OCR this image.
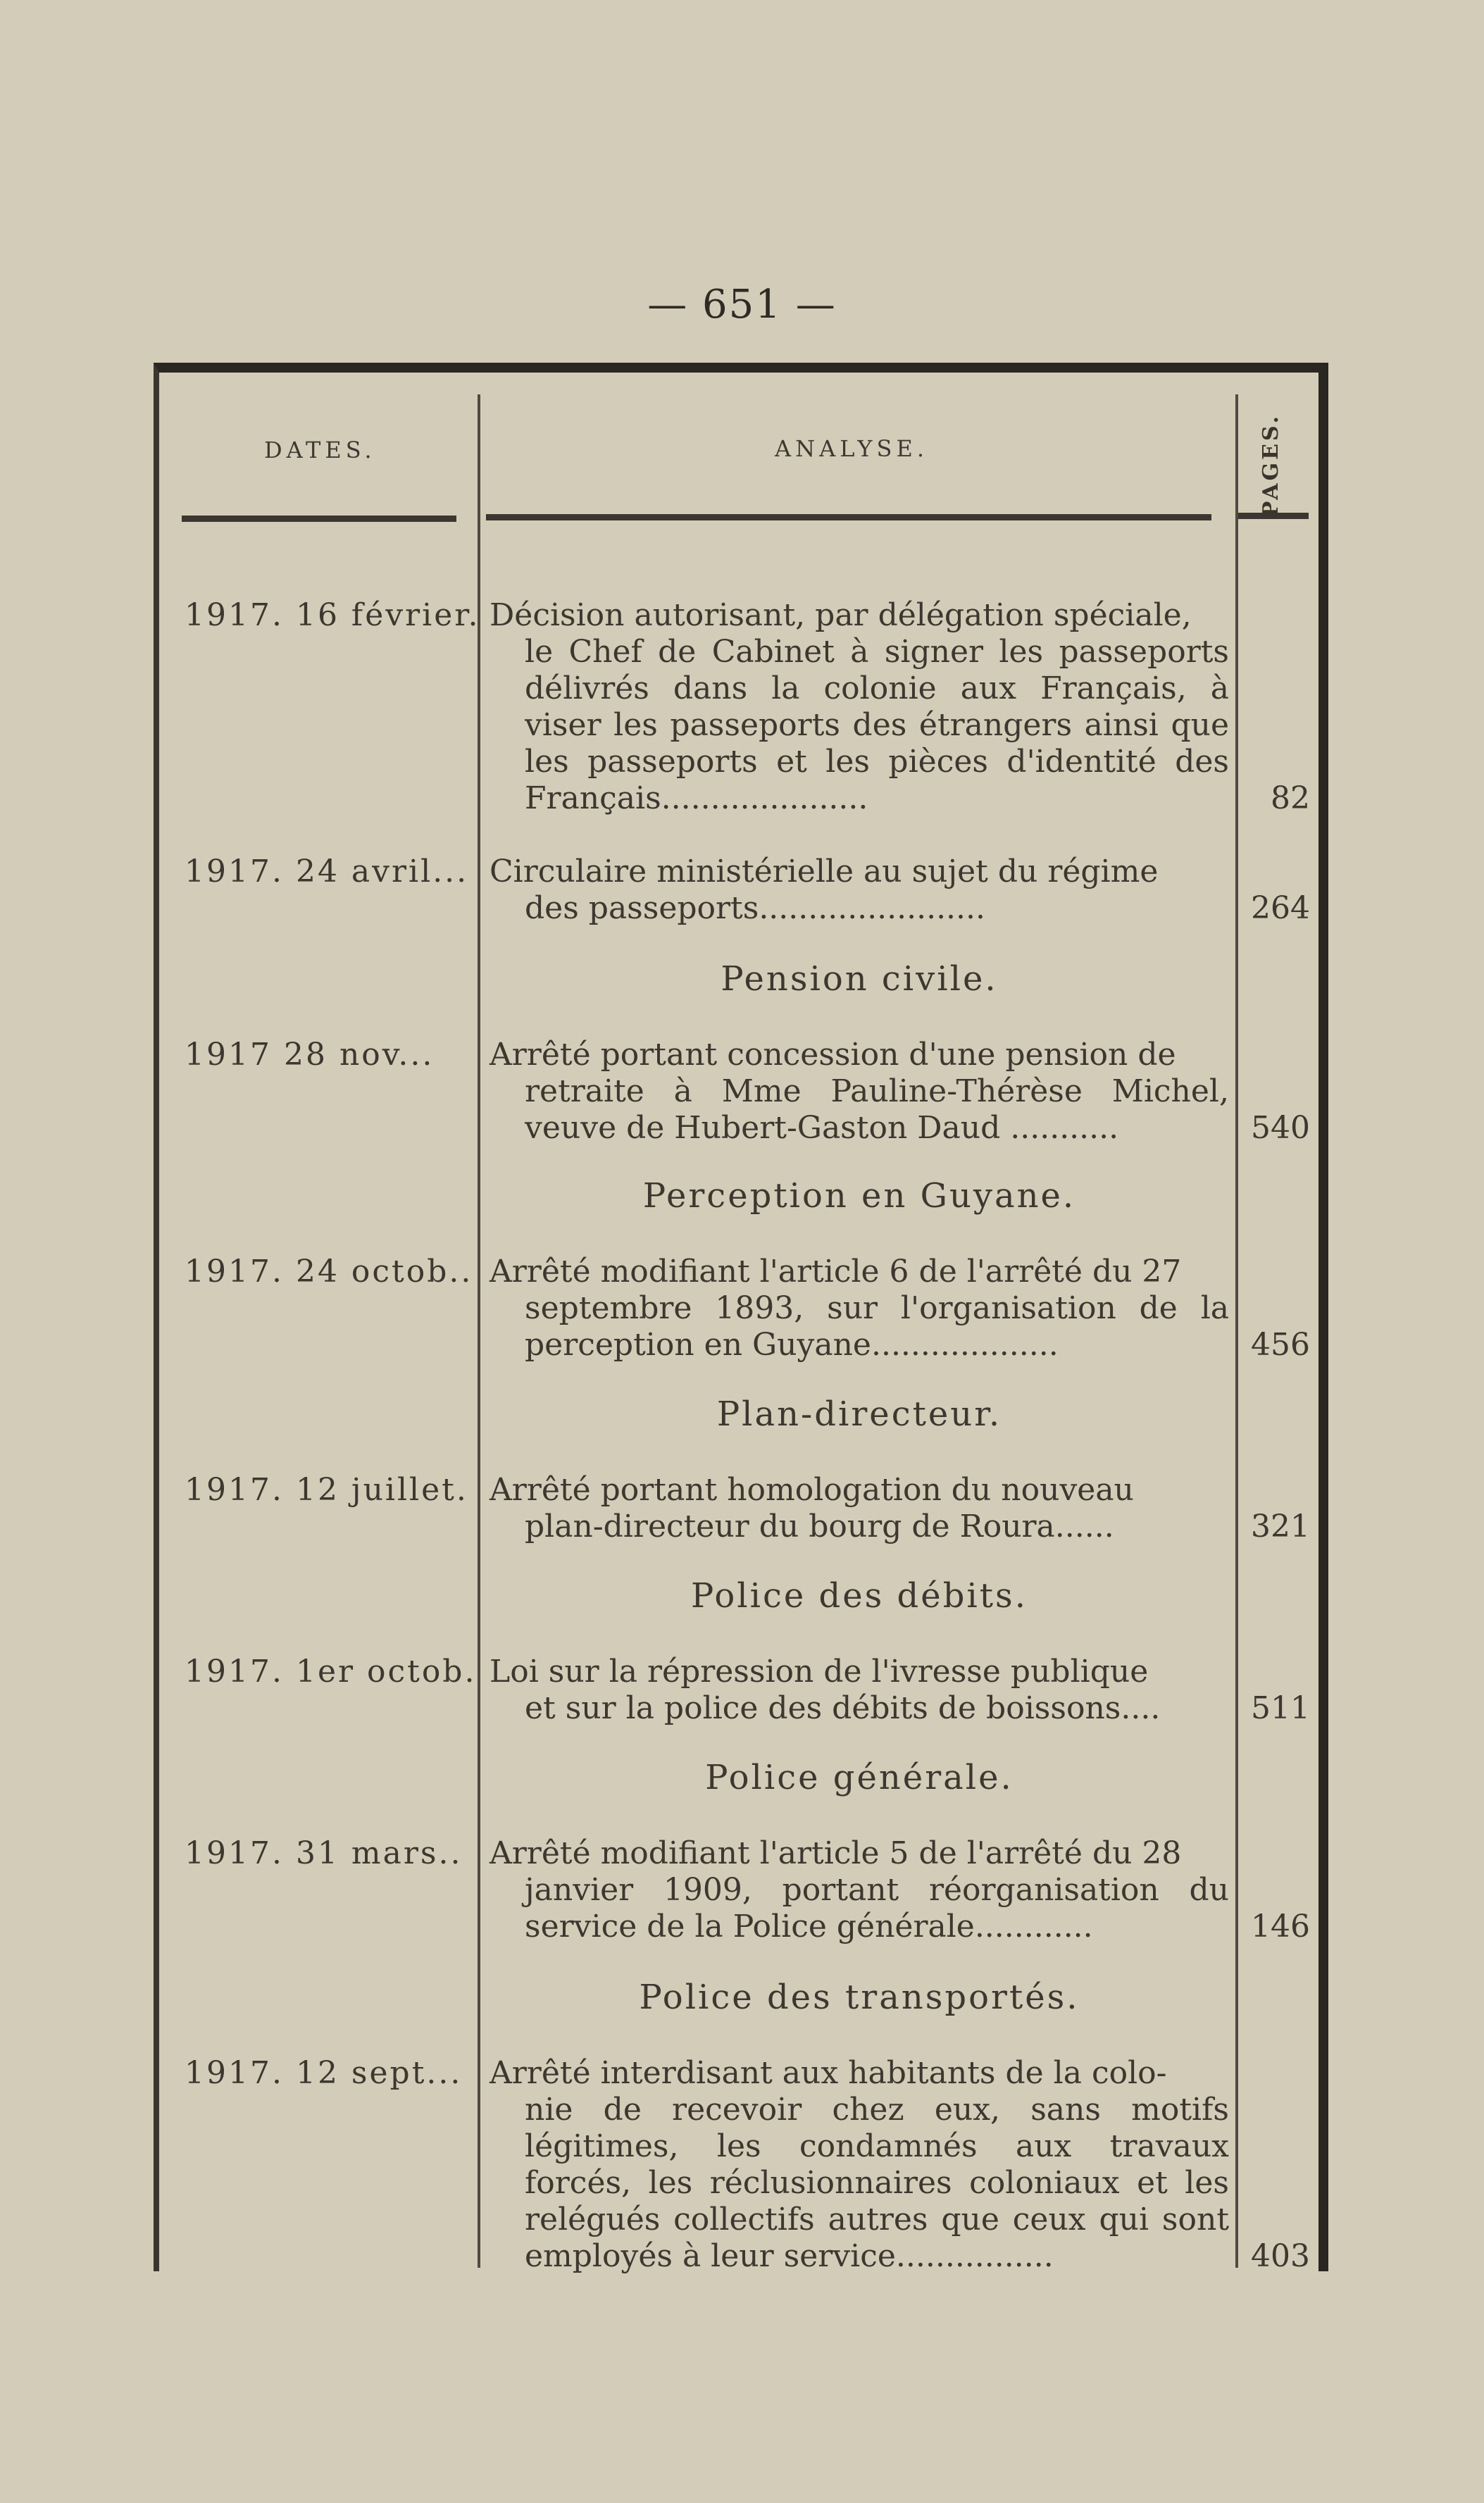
— 651 —
DATES.	ANALYSE.	PAGES.
1917. 16 février. Décision autorisant, par délégation spéciale,
le Chef de Cabinet à signer les passeports délivrés dans la colonie aux Français, à viser les passeports des étrangers ainsi que les passeports et les pièces d'identité des Français.....................	82
1917. 24 avril... Circulaire ministérielle au sujet du régime
des passeports.......................	264
Pension civile.
1917 28 nov... Arrêté portant concession d'une pension de
retraite à Mme Pauline-Thérèse Michel, veuve de Hubert-Gaston Daud ...........	540
Perception en Guyane.
1917. 24 octob.. Arrêté modifiant l'article 6 de l'arrêté du 27
septembre 1893, sur l'organisation de la perception en Guyane...................	456
Plan-directeur.
1917. 12 juillet. Arrêté portant homologation du nouveau
plan-directeur du bourg de Roura......	321
Police des débits.
1917. 1er octob. Loi sur la répression de l'ivresse publique
et sur la police des débits de boissons....	511
Police générale.
1917. 31 mars.. Arrêté modifiant l'article 5 de l'arrêté du 28
janvier 1909, portant réorganisation du service de la Police générale............	146
Police des transportés.
1917. 12 sept... Arrêté interdisant aux habitants de la colo-
nie de recevoir chez eux, sans motifs légitimes, les condamnés aux travaux forcés, les réclusionnaires coloniaux et les relégués collectifs autres que ceux qui sont employés à leur service................	403
